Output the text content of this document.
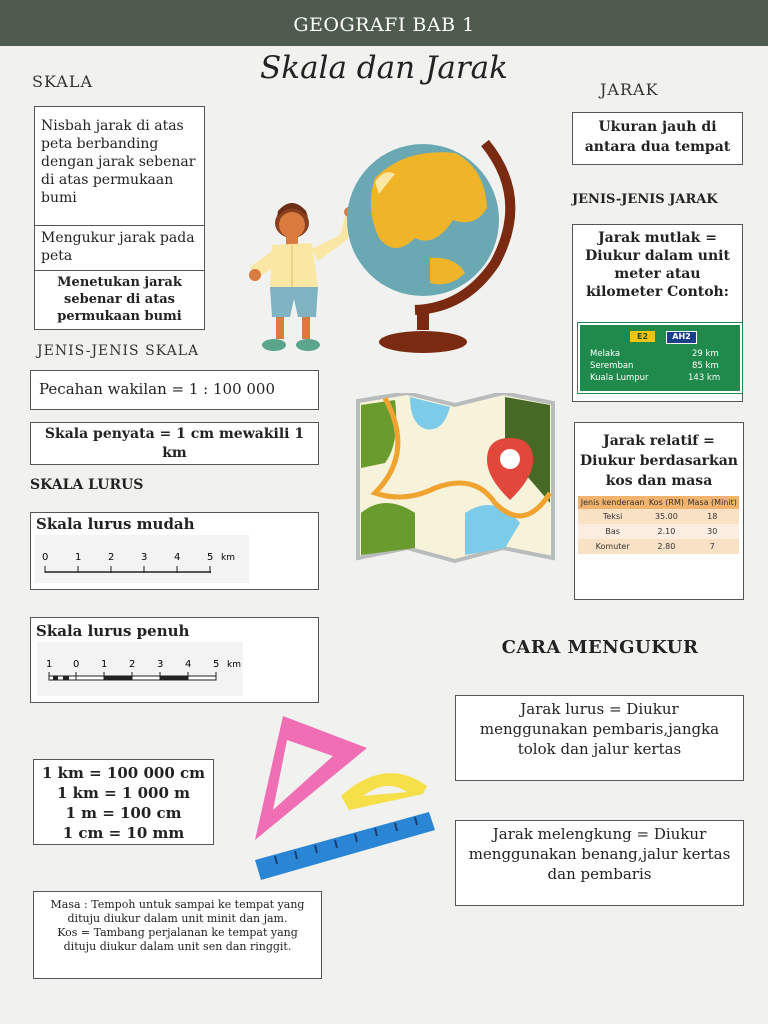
GEOGRAFI BAB 1
Skala dan Jarak
SKALA
Nisbah jarak di atas peta berbanding dengan jarak sebenar di atas permukaan bumi
Mengukur jarak pada peta
Menetukan jarak sebenar di atas permukaan bumi
JENIS-JENIS SKALA
Pecahan wakilan = 1 : 100 000
Skala penyata = 1 cm mewakili 1 km
SKALA LURUS
Skala lurus mudah
0	1	2	3	4	5 km
Skala lurus penuh
1 0 1 2 3 4 5 km
1 km = 100 000 cm
1 km = 1 000 m
1 m = 100 cm
1 cm = 10 mm
Masa : Tempoh untuk sampai ke tempat yang dituju diukur dalam unit minit dan jam.
Kos = Tambang perjalanan ke tempat yang dituju diukur dalam unit sen dan ringgit.
JARAK
Ukuran jauh di antara dua tempat
JENIS-JENIS JARAK
Jarak mutlak = Diukur dalam unit meter atau kilometer Contoh:
E2	AH2
Melaka	29 km
Seremban	85 km
Kuala Lumpur	143 km
Jarak relatif = Diukur berdasarkan kos dan masa
Jenis kenderaan	Kos (RM)	Masa (Minit)
Teksi	35.00	18
Bas	2.10	30
Komuter	2.80	7
CARA MENGUKUR
Jarak lurus = Diukur menggunakan pembaris,jangka tolok dan jalur kertas
Jarak melengkung = Diukur menggunakan benang,jalur kertas dan pembaris
